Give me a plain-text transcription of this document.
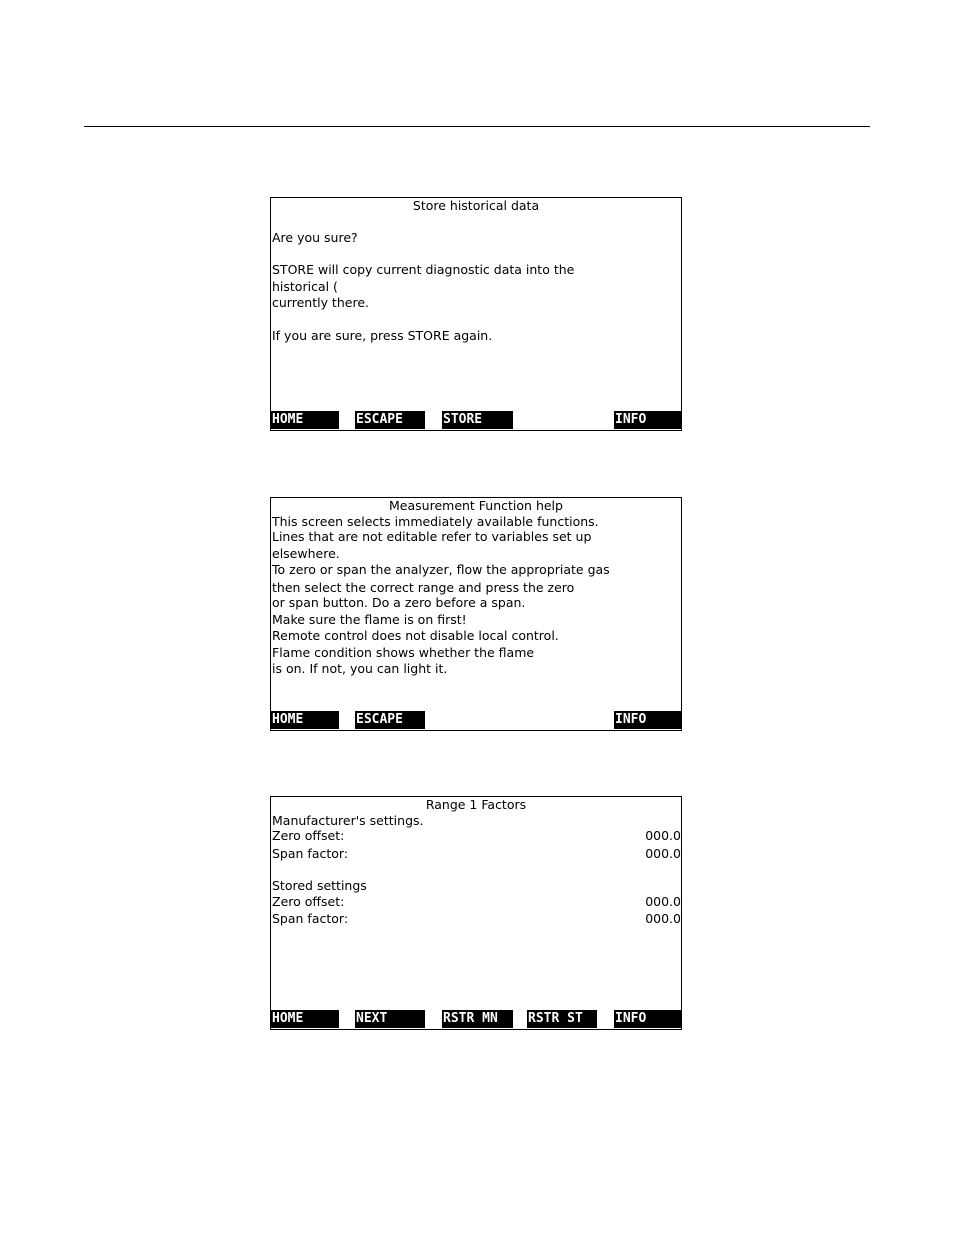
Store historical data
Are you sure?
STORE will copy current diagnostic data into the
historical (
currently there.
If you are sure, press STORE again.
HOME	ESCAPE	STORE	INFO
Measurement Function help
This screen selects immediately available functions.
Lines that are not editable refer to variables set up
elsewhere.
To zero or span the analyzer, flow the appropriate gas
then select the correct range and press the zero
or span button. Do a zero before a span.
Make sure the flame is on first!
Remote control does not disable local control.
Flame condition shows whether the flame
is on. If not, you can light it.
HOME	ESCAPE	INFO
Range 1 Factors
Manufacturer's settings.
Zero offset:	000.0
Span factor:	000.0
Stored settings
Zero offset:	000.0
Span factor:	000.0
HOME	NEXT	RSTR MN	RSTR ST	INFO
